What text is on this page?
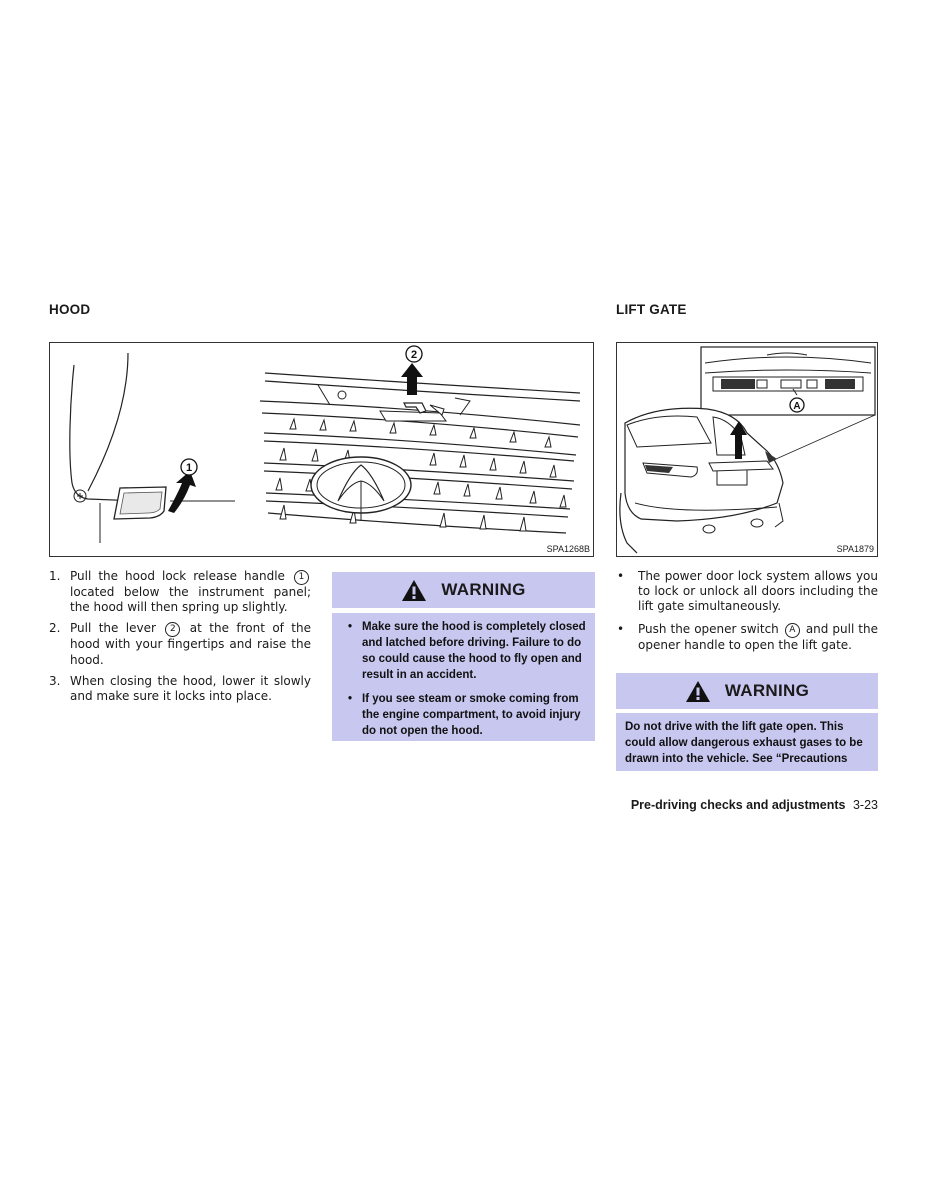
HOOD	LIFT GATE
1
2
SPA1268B
A
SPA1879
1. Pull the hood lock release handle 1 located below the instrument panel; the hood will then spring up slightly.
2. Pull the lever 2 at the front of the hood with your fingertips and raise the hood.
3. When closing the hood, lower it slowly and make sure it locks into place.
WARNING
• Make sure the hood is completely closed and latched before driving. Failure to do so could cause the hood to fly open and result in an accident.
• If you see steam or smoke coming from the engine compartment, to avoid injury do not open the hood.
• The power door lock system allows you to lock or unlock all doors including the lift gate simultaneously.
• Push the opener switch A and pull the opener handle to open the lift gate.
WARNING
Do not drive with the lift gate open. This could allow dangerous exhaust gases to be drawn into the vehicle. See “Precautions
Pre-driving checks and adjustments 3-23
